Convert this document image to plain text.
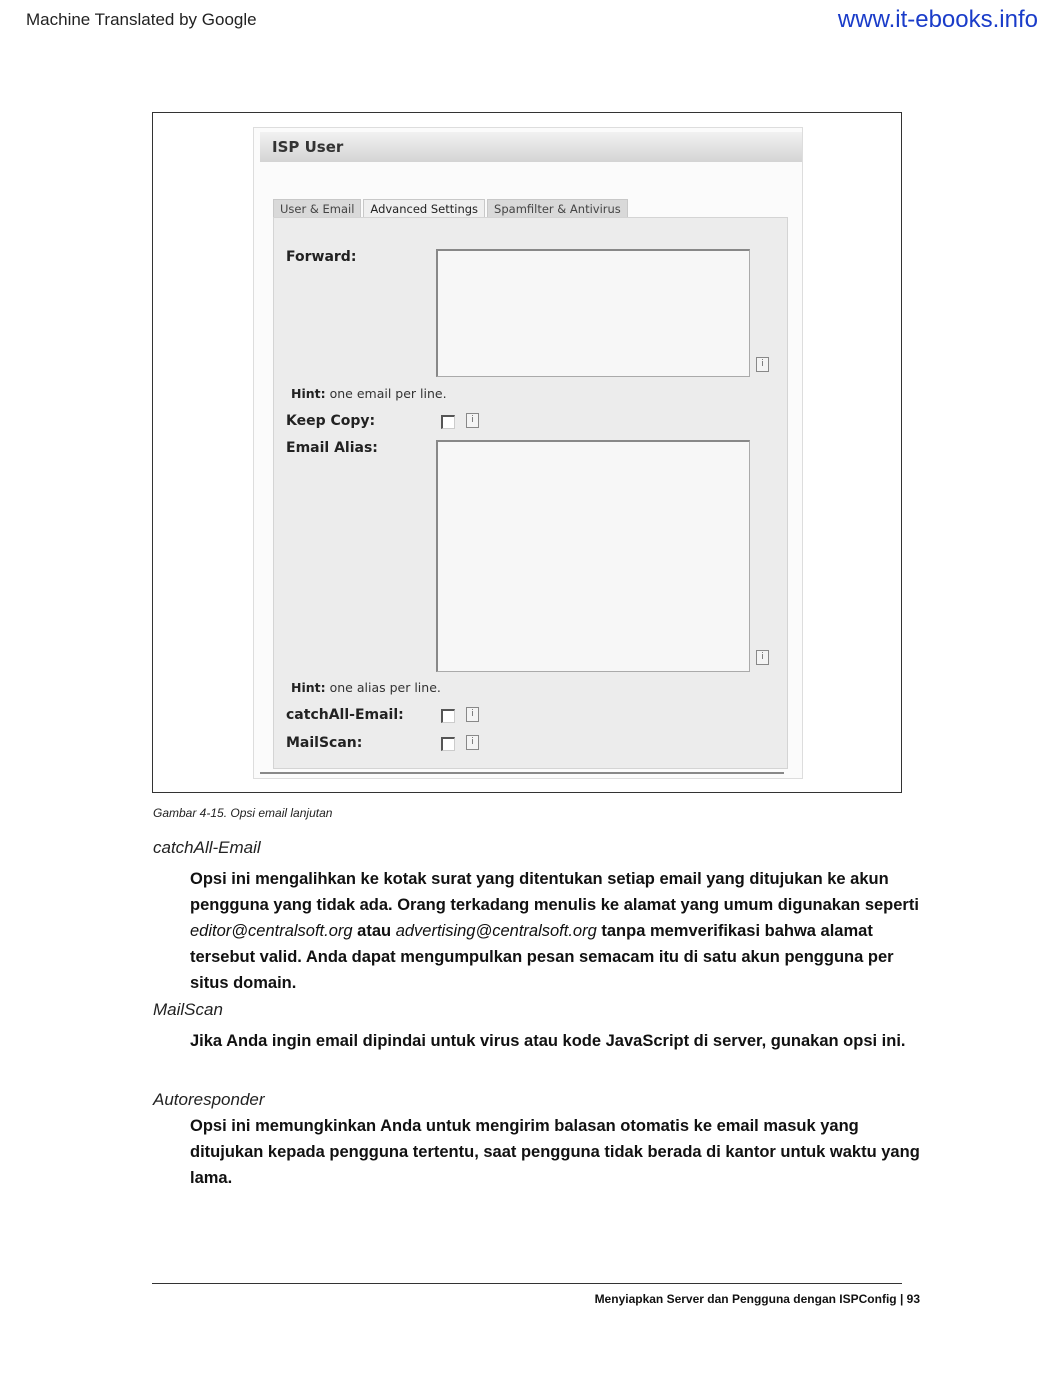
Machine Translated by Google	www.it-ebooks.info
ISP User
User & Email	Advanced Settings	Spamfilter & Antivirus
Forward:
i
Hint: one email per line.
Keep Copy:	i
Email Alias:
i
Hint: one alias per line.
catchAll-Email:	i
MailScan:	i
Gambar 4-15. Opsi email lanjutan
catchAll-Email
Opsi ini mengalihkan ke kotak surat yang ditentukan setiap email yang ditujukan ke akun pengguna yang tidak ada. Orang terkadang menulis ke alamat yang umum digunakan seperti editor@centralsoft.org atau advertising@centralsoft.org tanpa memverifikasi bahwa alamat tersebut valid. Anda dapat mengumpulkan pesan semacam itu di satu akun pengguna per situs domain.
MailScan
Jika Anda ingin email dipindai untuk virus atau kode JavaScript di server, gunakan opsi ini.
Autoresponder
Opsi ini memungkinkan Anda untuk mengirim balasan otomatis ke email masuk yang ditujukan kepada pengguna tertentu, saat pengguna tidak berada di kantor untuk waktu yang lama.
Menyiapkan Server dan Pengguna dengan ISPConfig | 93
